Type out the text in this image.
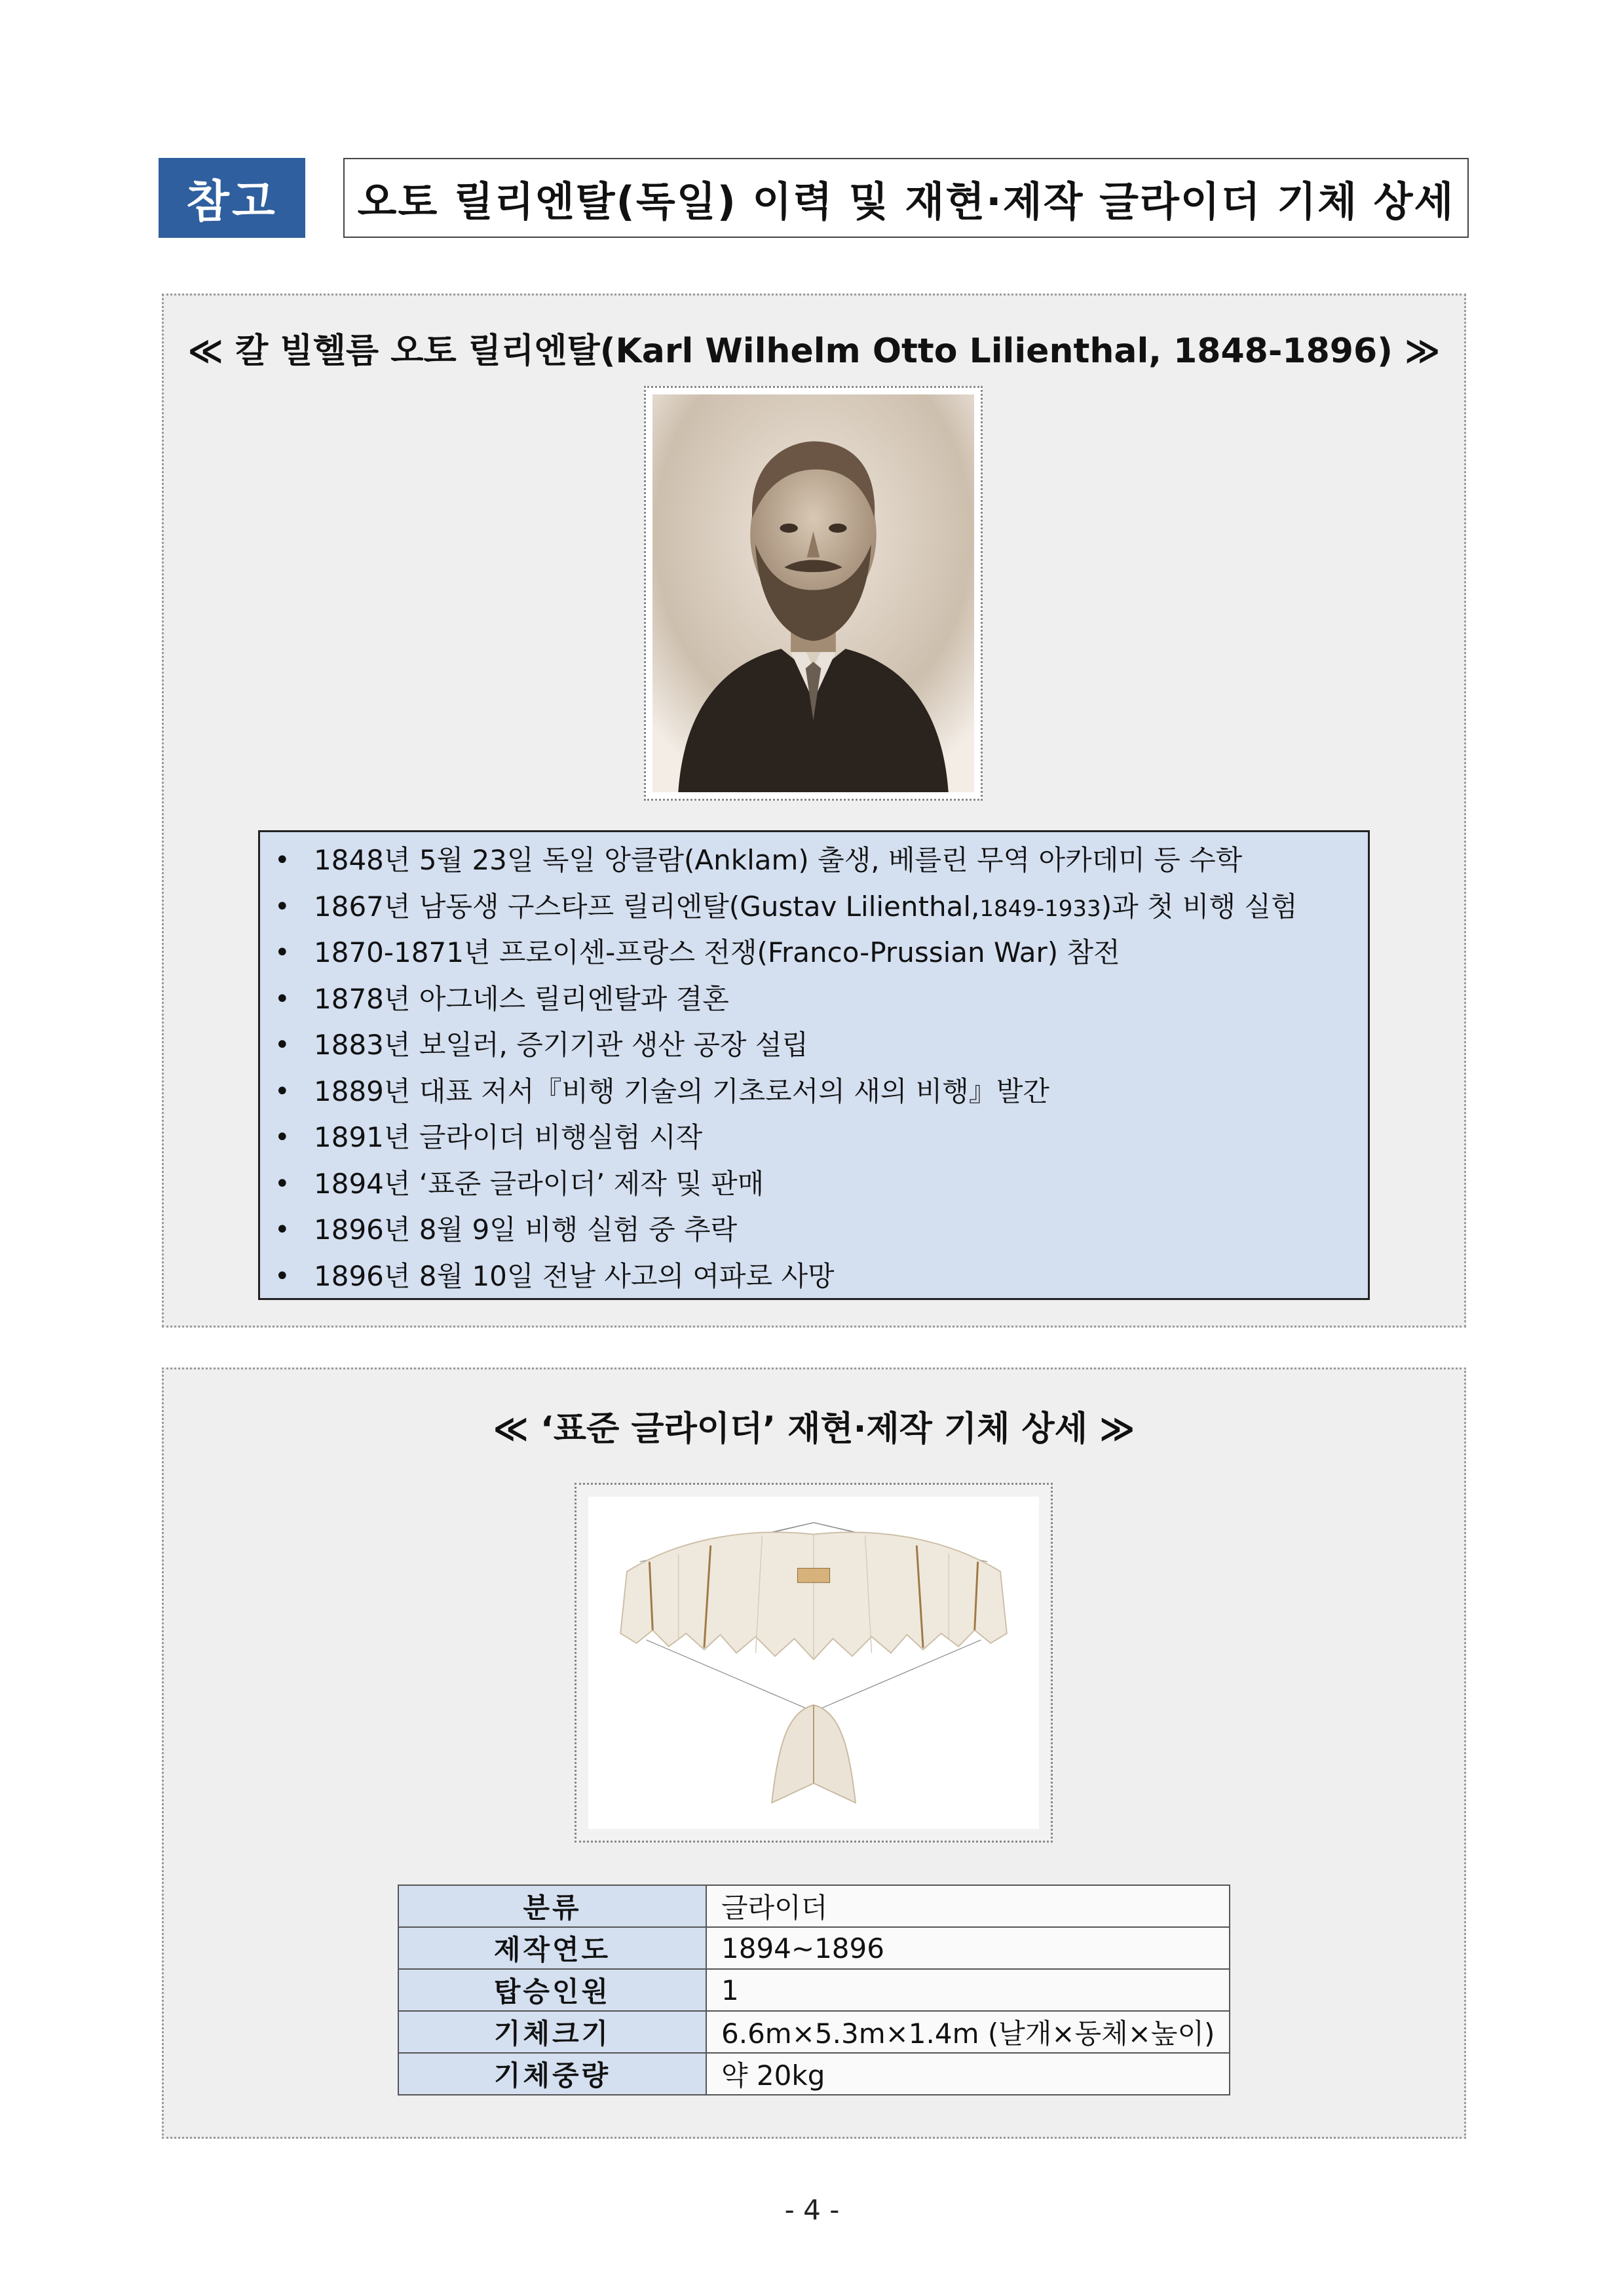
참고	오토 릴리엔탈(독일) 이력 및 재현·제작 글라이더 기체 상세
≪ 칼 빌헬름 오토 릴리엔탈(Karl Wilhelm Otto Lilienthal, 1848-1896) ≫
• 1848년 5월 23일 독일 앙클람(Anklam) 출생, 베를린 무역 아카데미 등 수학
• 1867년 남동생 구스타프 릴리엔탈(Gustav Lilienthal,1849-1933)과 첫 비행 실험
• 1870-1871년 프로이센-프랑스 전쟁(Franco-Prussian War) 참전
• 1878년 아그네스 릴리엔탈과 결혼
• 1883년 보일러, 증기기관 생산 공장 설립
• 1889년 대표 저서『비행 기술의 기초로서의 새의 비행』발간
• 1891년 글라이더 비행실험 시작
• 1894년 ‘표준 글라이더’ 제작 및 판매
• 1896년 8월 9일 비행 실험 중 추락
• 1896년 8월 10일 전날 사고의 여파로 사망
≪ ‘표준 글라이더’ 재현·제작 기체 상세 ≫
분류	글라이더
제작연도	1894~1896
탑승인원	1
기체크기	6.6m×5.3m×1.4m (날개×동체×높이)
기체중량	약 20kg
- 4 -
